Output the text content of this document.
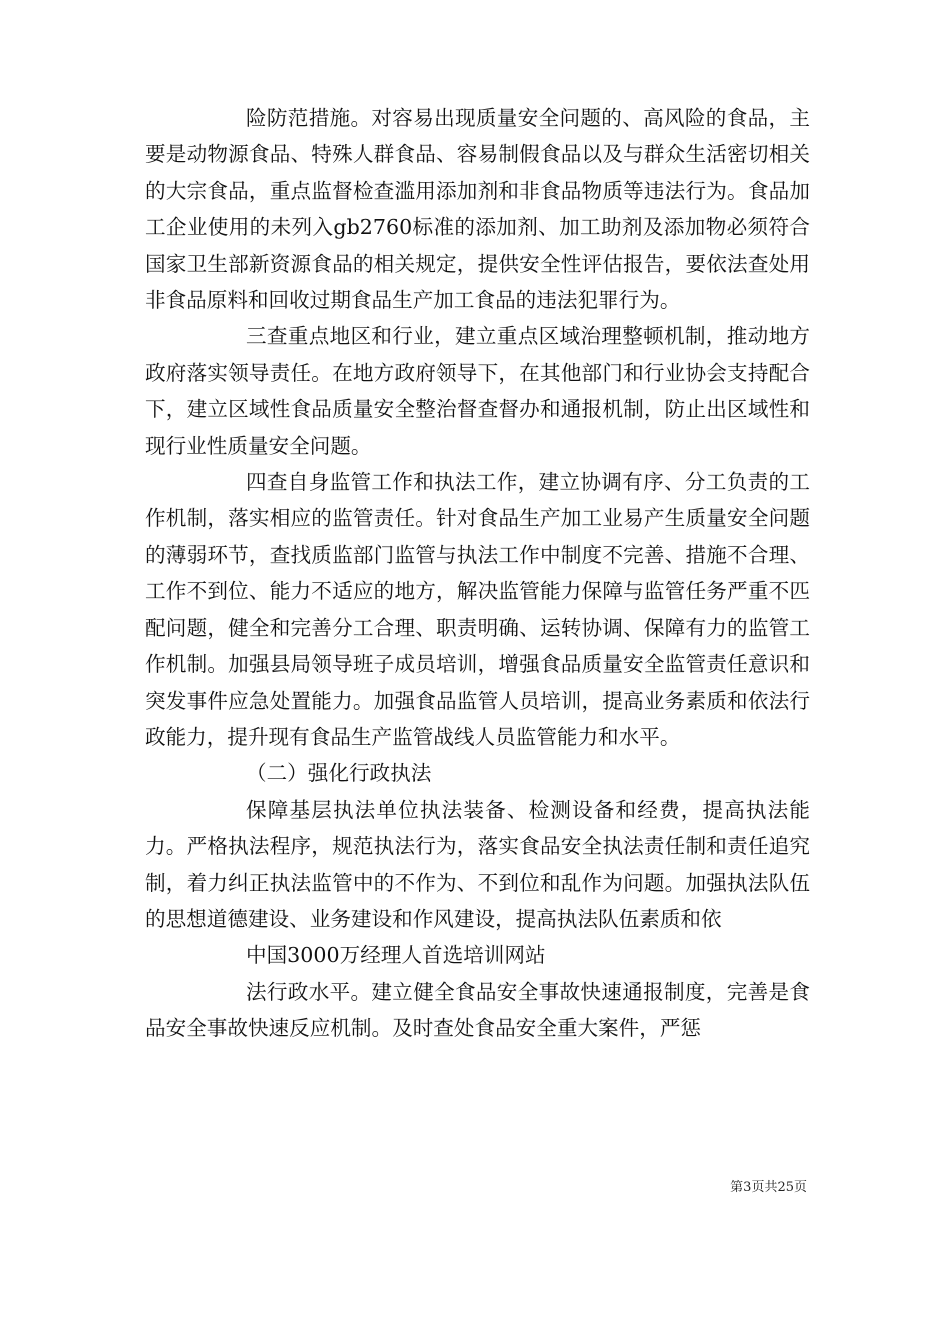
险防范措施。对容易出现质量安全问题的、高风险的食品，主要是动物源食品、特殊人群食品、容易制假食品以及与群众生活密切相关的大宗食品，重点监督检查滥用添加剂和非食品物质等违法行为。食品加工企业使用的未列入gb2760标准的添加剂、加工助剂及添加物必须符合国家卫生部新资源食品的相关规定，提供安全性评估报告，要依法查处用非食品原料和回收过期食品生产加工食品的违法犯罪行为。

三查重点地区和行业，建立重点区域治理整顿机制，推动地方政府落实领导责任。在地方政府领导下，在其他部门和行业协会支持配合下，建立区域性食品质量安全整治督查督办和通报机制，防止出区域性和现行业性质量安全问题。

四查自身监管工作和执法工作，建立协调有序、分工负责的工作机制，落实相应的监管责任。针对食品生产加工业易产生质量安全问题的薄弱环节，查找质监部门监管与执法工作中制度不完善、措施不合理、工作不到位、能力不适应的地方，解决监管能力保障与监管任务严重不匹配问题，健全和完善分工合理、职责明确、运转协调、保障有力的监管工作机制。加强县局领导班子成员培训，增强食品质量安全监管责任意识和突发事件应急处置能力。加强食品监管人员培训，提高业务素质和依法行政能力，提升现有食品生产监管战线人员监管能力和水平。

（二）强化行政执法

保障基层执法单位执法装备、检测设备和经费，提高执法能力。严格执法程序，规范执法行为，落实食品安全执法责任制和责任追究制，着力纠正执法监管中的不作为、不到位和乱作为问题。加强执法队伍的思想道德建设、业务建设和作风建设，提高执法队伍素质和依

中国3000万经理人首选培训网站

法行政水平。建立健全食品安全事故快速通报制度，完善是食品安全事故快速反应机制。及时查处食品安全重大案件，严惩

第3页共25页
